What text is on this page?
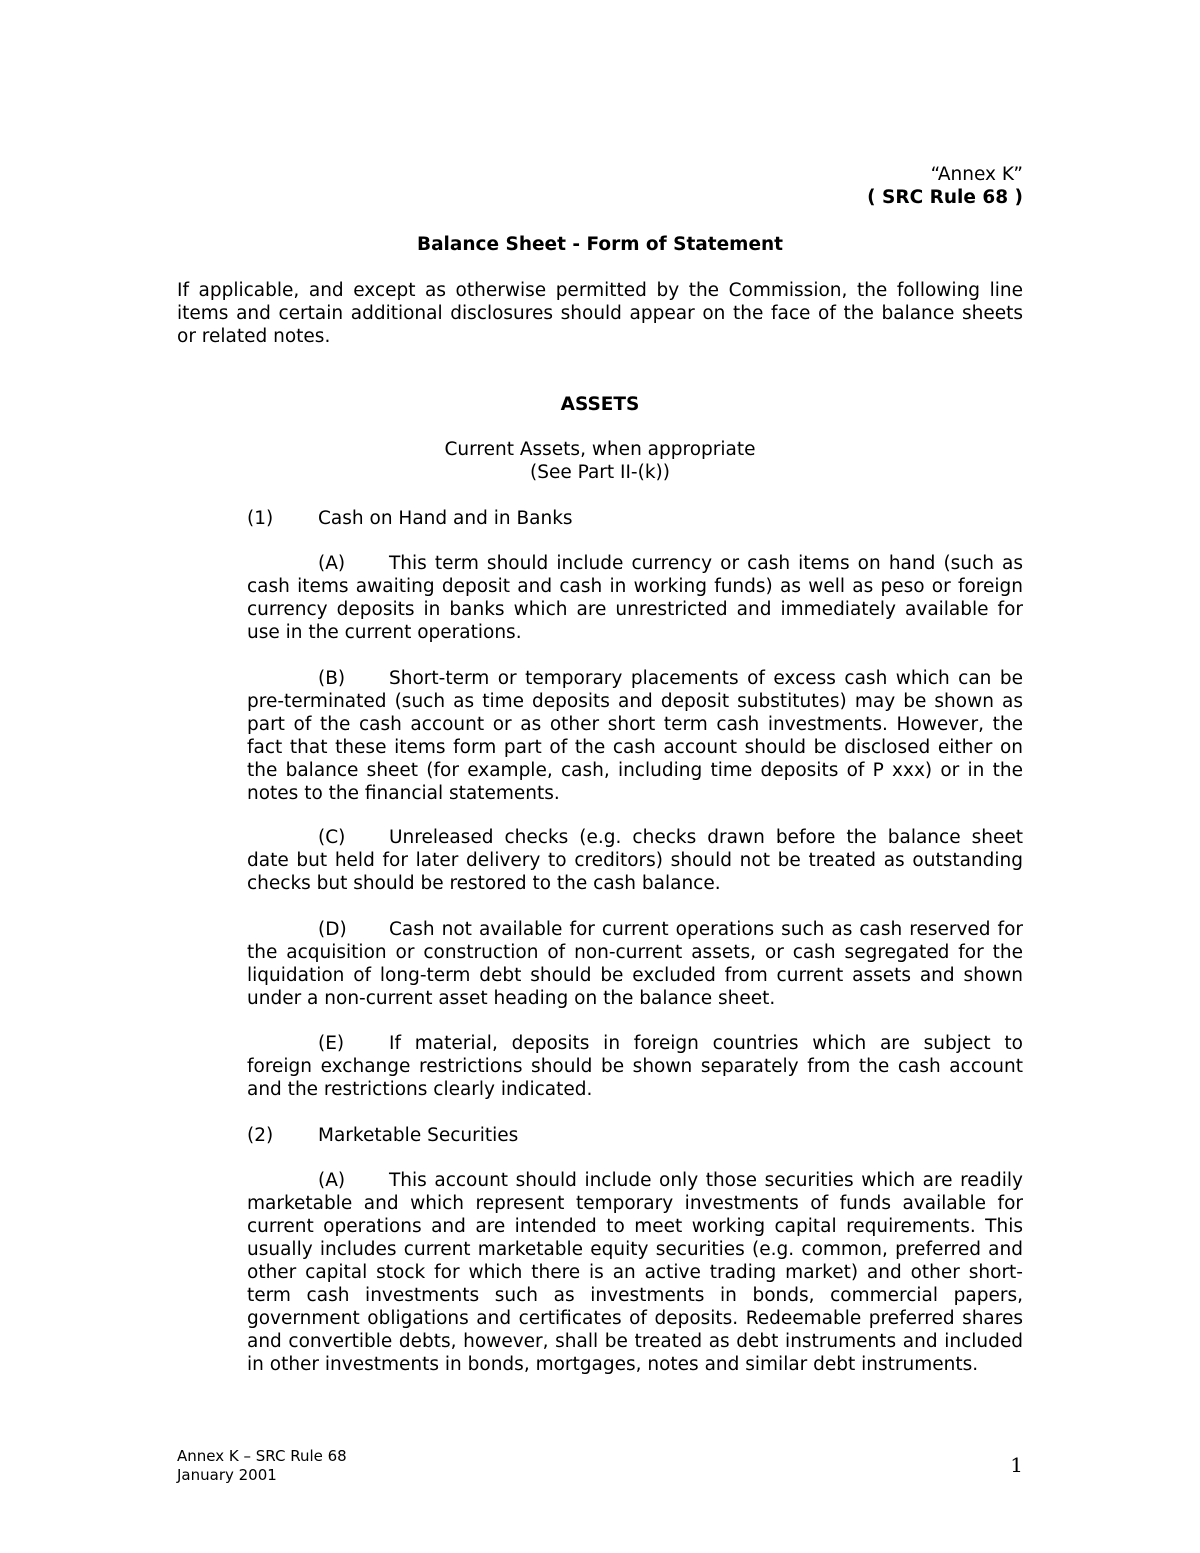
“Annex K”
( SRC Rule 68 )
Balance Sheet - Form of Statement
If applicable, and except as otherwise permitted by the Commission, the following line items and certain additional disclosures should appear on the face of the balance sheets or related notes.
ASSETS
Current Assets, when appropriate
(See Part II-(k))
(1) Cash on Hand and in Banks
(A) This term should include currency or cash items on hand (such as cash items awaiting deposit and cash in working funds) as well as peso or foreign currency deposits in banks which are unrestricted and immediately available for use in the current operations.
(B) Short-term or temporary placements of excess cash which can be pre-terminated (such as time deposits and deposit substitutes) may be shown as part of the cash account or as other short term cash investments. However, the fact that these items form part of the cash account should be disclosed either on the balance sheet (for example, cash, including time deposits of P xxx) or in the notes to the financial statements.
(C) Unreleased checks (e.g. checks drawn before the balance sheet date but held for later delivery to creditors) should not be treated as outstanding checks but should be restored to the cash balance.
(D) Cash not available for current operations such as cash reserved for the acquisition or construction of non-current assets, or cash segregated for the liquidation of long-term debt should be excluded from current assets and shown under a non-current asset heading on the balance sheet.
(E) If material, deposits in foreign countries which are subject to foreign exchange restrictions should be shown separately from the cash account and the restrictions clearly indicated.
(2) Marketable Securities
(A) This account should include only those securities which are readily marketable and which represent temporary investments of funds available for current operations and are intended to meet working capital requirements. This usually includes current marketable equity securities (e.g. common, preferred and other capital stock for which there is an active trading market) and other short-term cash investments such as investments in bonds, commercial papers, government obligations and certificates of deposits. Redeemable preferred shares and convertible debts, however, shall be treated as debt instruments and included in other investments in bonds, mortgages, notes and similar debt instruments.
Annex K – SRC Rule 68
January 2001	1
